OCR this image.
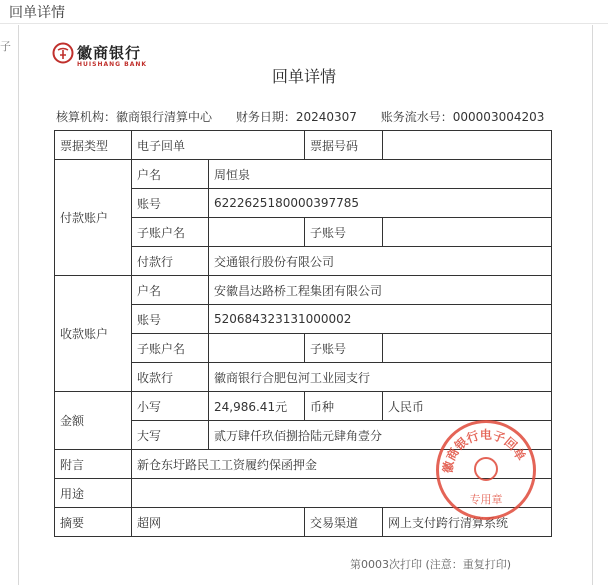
回单详情
子	徽商银行
HUISHANG BANK
回单详情
核算机构：徽商银行清算中心 财务日期：20240307 账务流水号：000003004203
票据类型	电子回单		票据号码	
付款账户	户名	周恒泉		
	账号	6222625180000397785		
	子账户名		子账号	
	付款行	交通银行股份有限公司		
收款账户	户名	安徽昌达路桥工程集团有限公司		
	账号	520684323131000002		
	子账户名		子账号	
	收款行	徽商银行合肥包河工业园支行		
金额	小写	24,986.41元	币种	人民币
	大写	贰万肆仟玖佰捌拾陆元肆角壹分		
附言	新仓东圩路民工工资履约保函押金			
用途				
摘要	超网		交易渠道	网上支付跨行清算系统
徽商银行电子回单
专用章
第0003次打印 (注意：重复打印)
